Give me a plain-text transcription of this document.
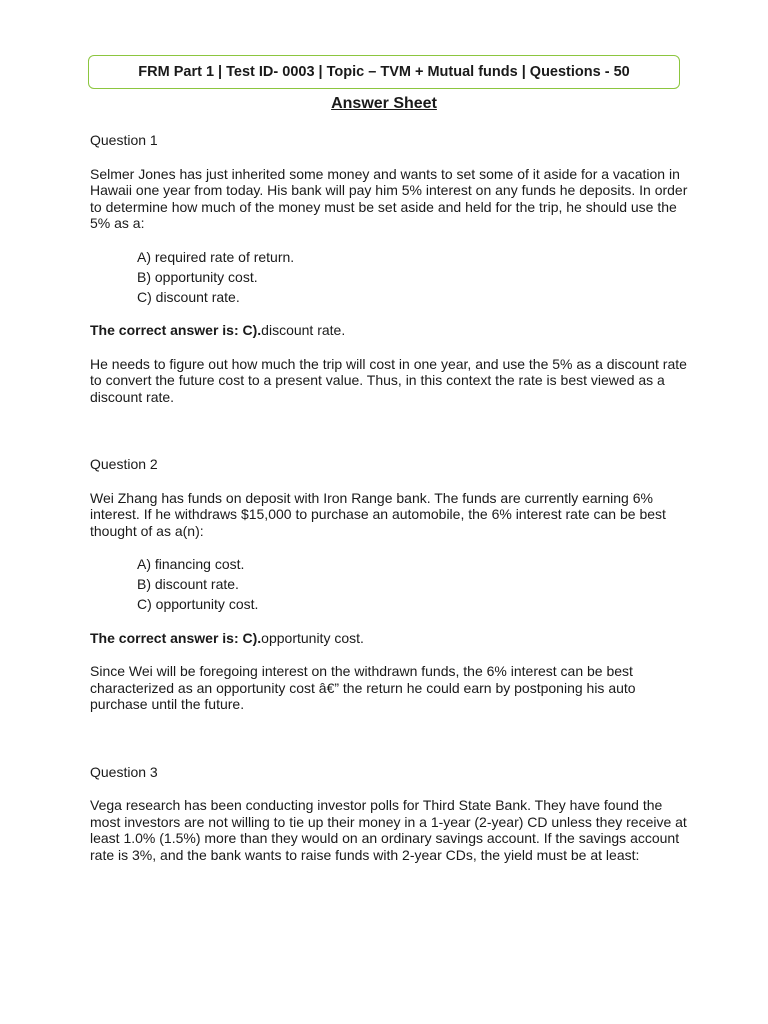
FRM Part 1 | Test ID- 0003 | Topic – TVM + Mutual funds | Questions - 50
Answer Sheet

Question 1

Selmer Jones has just inherited some money and wants to set some of it aside for a vacation in Hawaii one year from today. His bank will pay him 5% interest on any funds he deposits. In order to determine how much of the money must be set aside and held for the trip, he should use the 5% as a:

A) required rate of return.
B) opportunity cost.
C) discount rate.

The correct answer is: C).discount rate.

He needs to figure out how much the trip will cost in one year, and use the 5% as a discount rate to convert the future cost to a present value. Thus, in this context the rate is best viewed as a discount rate.

Question 2

Wei Zhang has funds on deposit with Iron Range bank. The funds are currently earning 6% interest. If he withdraws $15,000 to purchase an automobile, the 6% interest rate can be best thought of as a(n):

A) financing cost.
B) discount rate.
C) opportunity cost.

The correct answer is: C).opportunity cost.

Since Wei will be foregoing interest on the withdrawn funds, the 6% interest can be best characterized as an opportunity cost â€” the return he could earn by postponing his auto purchase until the future.

Question 3

Vega research has been conducting investor polls for Third State Bank. They have found the most investors are not willing to tie up their money in a 1-year (2-year) CD unless they receive at least 1.0% (1.5%) more than they would on an ordinary savings account. If the savings account rate is 3%, and the bank wants to raise funds with 2-year CDs, the yield must be at least:
